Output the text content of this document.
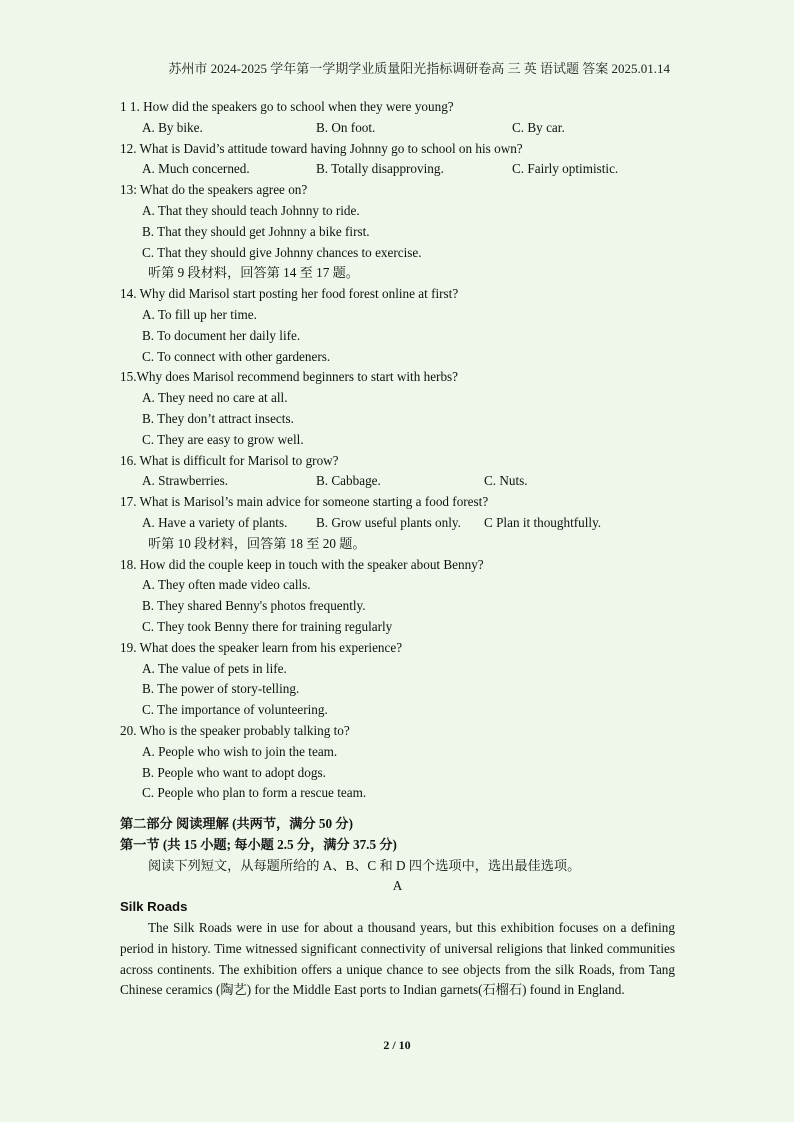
苏州市 2024-2025 学年第一学期学业质量阳光指标调研卷高 三 英 语试题 答案 2025.01.14
1 1. How did the speakers go to school when they were young?
A. By bike.	B. On foot.	C. By car.
12. What is David’s attitude toward having Johnny go to school on his own?
A. Much concerned.	B. Totally disapproving.	C. Fairly optimistic.
13: What do the speakers agree on?
A. That they should teach Johnny to ride.
B. That they should get Johnny a bike first.
C. That they should give Johnny chances to exercise.
听第 9 段材料，回答第 14 至 17 题。
14. Why did Marisol start posting her food forest online at first?
A. To fill up her time.
B. To document her daily life.
C. To connect with other gardeners.
15.Why does Marisol recommend beginners to start with herbs?
A. They need no care at all.
B. They don’t attract insects.
C. They are easy to grow well.
16. What is difficult for Marisol to grow?
A. Strawberries.	B. Cabbage.	C. Nuts.
17. What is Marisol’s main advice for someone starting a food forest?
A. Have a variety of plants.	B. Grow useful plants only.	C Plan it thoughtfully.
听第 10 段材料，回答第 18 至 20 题。
18. How did the couple keep in touch with the speaker about Benny?
A. They often made video calls.
B. They shared Benny's photos frequently.
C. They took Benny there for training regularly
19. What does the speaker learn from his experience?
A. The value of pets in life.
B. The power of story-telling.
C. The importance of volunteering.
20. Who is the speaker probably talking to?
A. People who wish to join the team.
B. People who want to adopt dogs.
C. People who plan to form a rescue team.
第二部分 阅读理解 (共两节，满分 50 分)
第一节 (共 15 小题; 每小题 2.5 分，满分 37.5 分)
阅读下列短文，从每题所给的 A、B、C 和 D 四个选项中，选出最佳选项。
A
Silk Roads
The Silk Roads were in use for about a thousand years, but this exhibition focuses on a defining period in history. Time witnessed significant connectivity of universal religions that linked communities across continents. The exhibition offers a unique chance to see objects from the silk Roads, from Tang Chinese ceramics (陶艺) for the Middle East ports to Indian garnets(石榴石) found in England.
2 / 10
